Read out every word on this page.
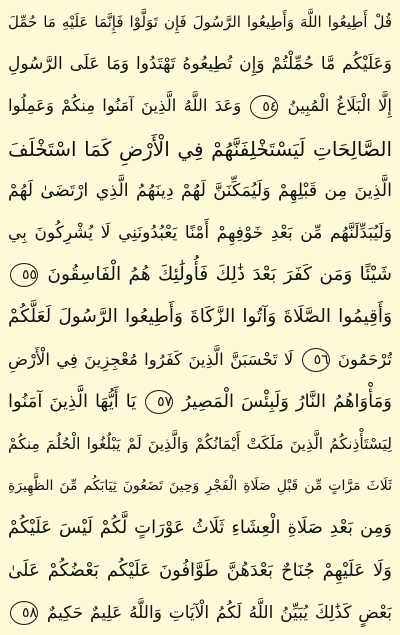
قُلْ أَطِيعُوا اللَّهَ وَأَطِيعُوا الرَّسُولَ فَإِن تَوَلَّوْا فَإِنَّمَا عَلَيْهِ مَا حُمِّلَ
وَعَلَيْكُم مَّا حُمِّلْتُمْ وَإِن تُطِيعُوهُ تَهْتَدُوا وَمَا عَلَى الرَّسُولِ
إِلَّا الْبَلَاغُ الْمُبِينُ ٥٤ وَعَدَ اللَّهُ الَّذِينَ آمَنُوا مِنكُمْ وَعَمِلُوا
الصَّالِحَاتِ لَيَسْتَخْلِفَنَّهُمْ فِي الْأَرْضِ كَمَا اسْتَخْلَفَ
الَّذِينَ مِن قَبْلِهِمْ وَلَيُمَكِّنَنَّ لَهُمْ دِينَهُمُ الَّذِي ارْتَضَىٰ لَهُمْ
وَلَيُبَدِّلَنَّهُم مِّن بَعْدِ خَوْفِهِمْ أَمْنًا يَعْبُدُونَنِي لَا يُشْرِكُونَ بِي
شَيْئًا وَمَن كَفَرَ بَعْدَ ذَٰلِكَ فَأُولَٰئِكَ هُمُ الْفَاسِقُونَ ٥٥
وَأَقِيمُوا الصَّلَاةَ وَآتُوا الزَّكَاةَ وَأَطِيعُوا الرَّسُولَ لَعَلَّكُمْ
تُرْحَمُونَ ٥٦ لَا تَحْسَبَنَّ الَّذِينَ كَفَرُوا مُعْجِزِينَ فِي الْأَرْضِ
وَمَأْوَاهُمُ النَّارُ وَلَبِئْسَ الْمَصِيرُ ٥٧ يَا أَيُّهَا الَّذِينَ آمَنُوا
لِيَسْتَأْذِنكُمُ الَّذِينَ مَلَكَتْ أَيْمَانُكُمْ وَالَّذِينَ لَمْ يَبْلُغُوا الْحُلُمَ مِنكُمْ
ثَلَاثَ مَرَّاتٍ مِّن قَبْلِ صَلَاةِ الْفَجْرِ وَحِينَ تَضَعُونَ ثِيَابَكُم مِّنَ الظَّهِيرَةِ
وَمِن بَعْدِ صَلَاةِ الْعِشَاءِ ثَلَاثُ عَوْرَاتٍ لَّكُمْ لَيْسَ عَلَيْكُمْ
وَلَا عَلَيْهِمْ جُنَاحٌ بَعْدَهُنَّ طَوَّافُونَ عَلَيْكُم بَعْضُكُمْ عَلَىٰ
بَعْضٍ كَذَٰلِكَ يُبَيِّنُ اللَّهُ لَكُمُ الْآيَاتِ وَاللَّهُ عَلِيمٌ حَكِيمٌ ٥٨
